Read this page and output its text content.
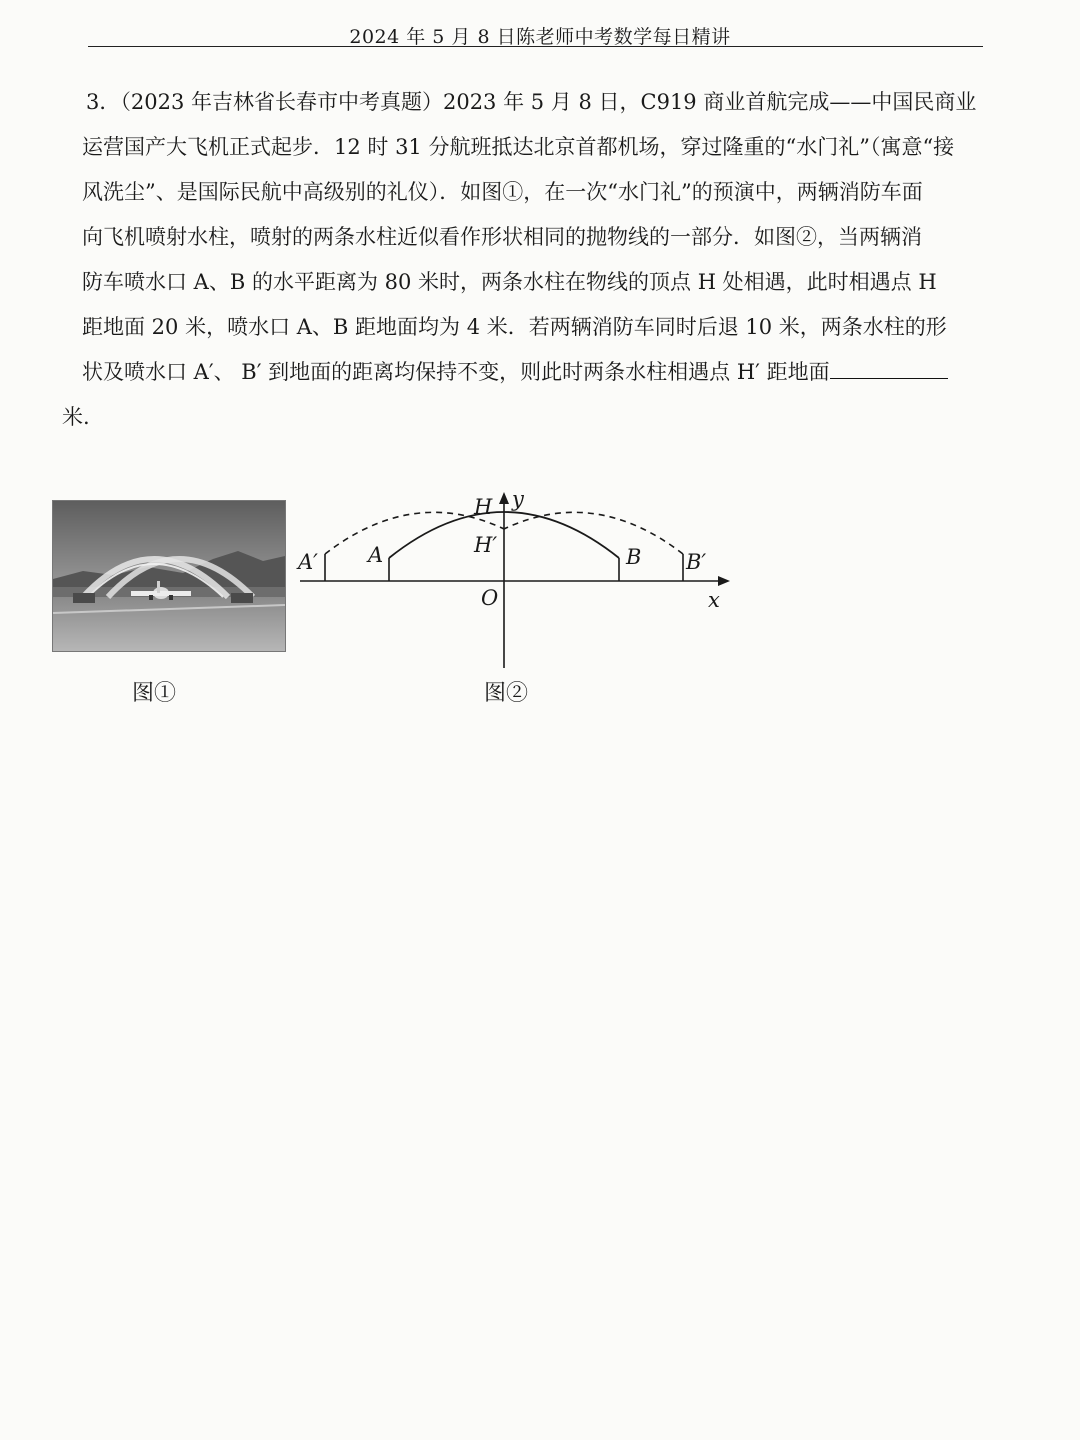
2024 年 5 月 8 日陈老师中考数学每日精讲
3．（2023 年吉林省长春市中考真题）2023 年 5 月 8 日，C919 商业首航完成——中国民商业
运营国产大飞机正式起步．12 时 31 分航班抵达北京首都机场，穿过隆重的“水门礼”（寓意“接
风洗尘”、是国际民航中高级别的礼仪）．如图①，在一次“水门礼”的预演中，两辆消防车面
向飞机喷射水柱，喷射的两条水柱近似看作形状相同的抛物线的一部分．如图②，当两辆消
防车喷水口 A、B 的水平距离为 80 米时，两条水柱在物线的顶点 H 处相遇，此时相遇点 H
距地面 20 米，喷水口 A、B 距地面均为 4 米．若两辆消防车同时后退 10 米，两条水柱的形
状及喷水口 A′、 B′ 到地面的距离均保持不变，则此时两条水柱相遇点 H′ 距地面
米.
图①
A′ A
H y
H′	B B′
O	x
图②
